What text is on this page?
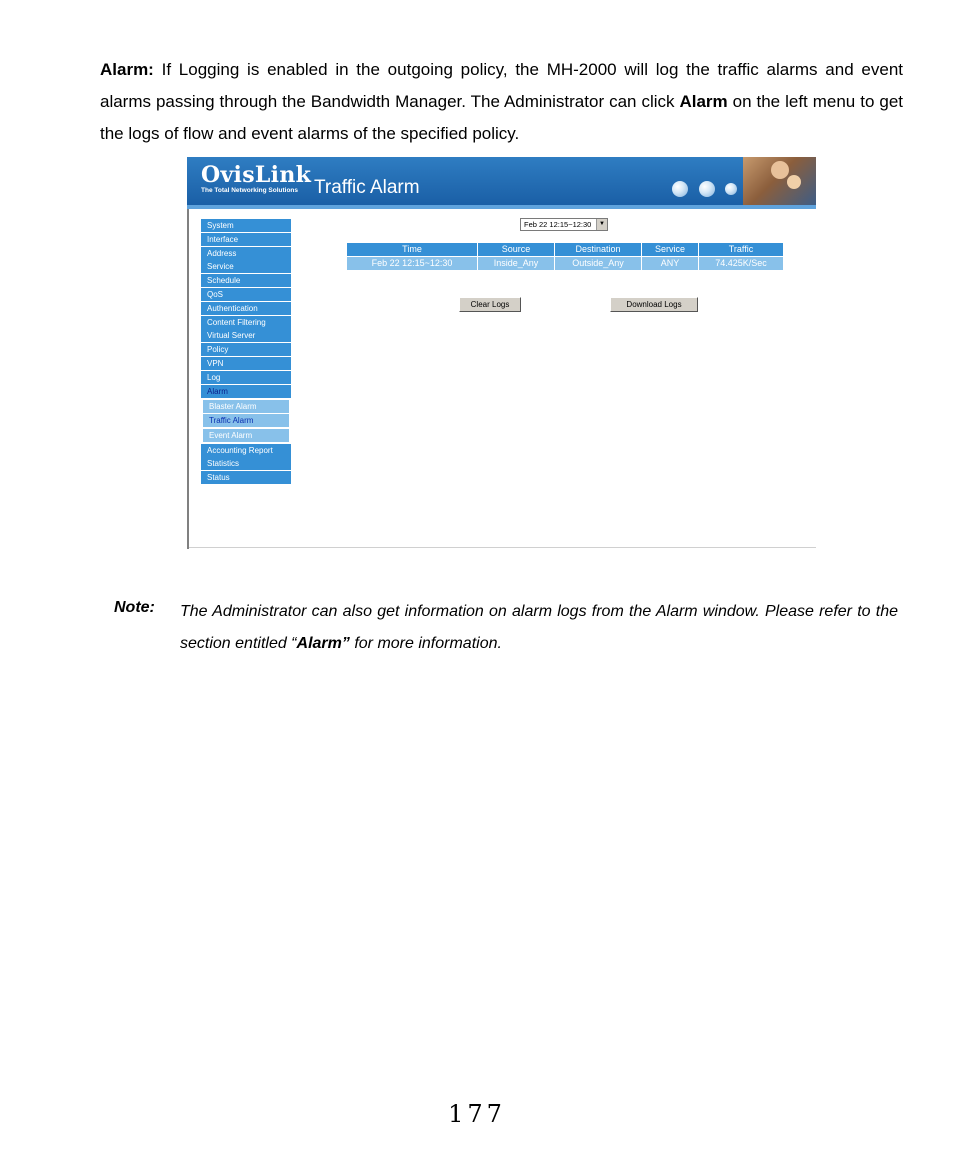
Alarm: If Logging is enabled in the outgoing policy, the MH-2000 will log the traffic alarms and event alarms passing through the Bandwidth Manager. The Administrator can click Alarm on the left menu to get the logs of flow and event alarms of the specified policy.
OvisLink
The Total Networking Solutions Traffic Alarm
System
Interface
Address
Service
Schedule
QoS
Authentication
Content Filtering
Virtual Server
Policy
VPN
Log
Alarm
Blaster Alarm
Traffic Alarm
Event Alarm
Accounting Report
Statistics
Status
Feb 22 12:15~12:30	▼
Time	Source	Destination	Service	Traffic
Feb 22 12:15~12:30	Inside_Any	Outside_Any	ANY	74.425K/Sec
Clear Logs	Download Logs
Note: The Administrator can also get information on alarm logs from the Alarm window. Please refer to the section entitled “Alarm” for more information.
177
